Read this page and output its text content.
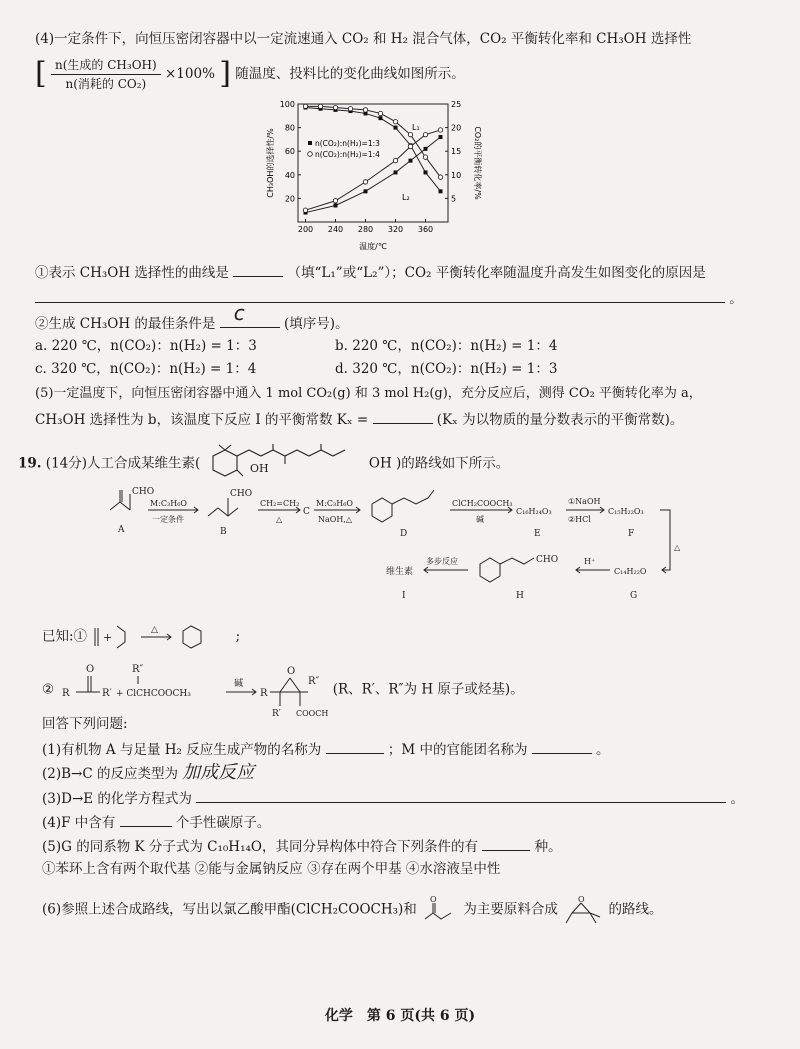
(4)一定条件下，向恒压密闭容器中以一定流速通入 CO₂ 和 H₂ 混合气体，CO₂ 平衡转化率和 CH₃OH 选择性
[ $\frac{\text{n(生成的 CH₃OH)}}{\text{n(消耗的 CO₂)}} \times 100\%$ ] 随温度、投料比的变化曲线如图所示。
200 240 280 320 360
20
40
60
80
100
5
10
15
20
25
温度/℃
CH₃OH的选择性/%	CO₂的平衡转化率/%
L₁
L₂
n(CO₂):n(H₂)=1:3
n(CO₂):n(H₂)=1:4
①表示 CH₃OH 选择性的曲线是	（填“L₁”或“L₂”）；CO₂ 平衡转化率随温度升高发生如图变化的原因是
。
②生成 CH₃OH 的最佳条件是 c	(填序号)。
a. 220 ℃，n(CO₂)：n(H₂) = 1：3	b. 220 ℃，n(CO₂)：n(H₂) = 1：4
c. 320 ℃，n(CO₂)：n(H₂) = 1：4	d. 320 ℃，n(CO₂)：n(H₂) = 1：3
(5)一定温度下，向恒压密闭容器中通入 1 mol CO₂(g) 和 3 mol H₂(g)，充分反应后，测得 CO₂ 平衡转化率为 a，
CH₃OH 选择性为 b，该温度下反应 Ⅰ 的平衡常数 Kₓ =	(Kₓ 为以物质的量分数表示的平衡常数)。
19. (14分)人工合成某维生素(	OH	OH )的路线如下所示。
CHO
A
M:C₃H₆O
一定条件
CHO
B
CH₂=CH₂
△
C
M:C₃H₆O
NaOH,△
D
ClCH₂COOCH₃
碱
C₁₆H₂₄O₃
E
①NaOH
②HCl
C₁₅H₂₂O₃
F
△
C₁₄H₂₂O
G
H⁺
CHO
H
多步反应
维生素
I
已知:① +
△	;
②
O
R	R′
R″
+ ClCHCOOCH₃
碱
O
R
R″
R′ COOCH₃
(R、R′、R″为 H 原子或烃基)。
回答下列问题:
(1)有机物 A 与足量 H₂ 反应生成产物的名称为	；M 中的官能团名称为	。
(2)B→C 的反应类型为 加成反应
(3)D→E 的化学方程式为	。
(4)F 中含有	个手性碳原子。
(5)G 的同系物 K 分子式为 C₁₀H₁₄O，其同分异构体中符合下列条件的有	种。
①苯环上含有两个取代基 ②能与金属钠反应 ③存在两个甲基 ④水溶液呈中性
(6)参照上述合成路线，写出以氯乙酸甲酯(ClCH₂COOCH₃)和
O
为主要原料合成
O
的路线。
化学　第 6 页(共 6 页)
